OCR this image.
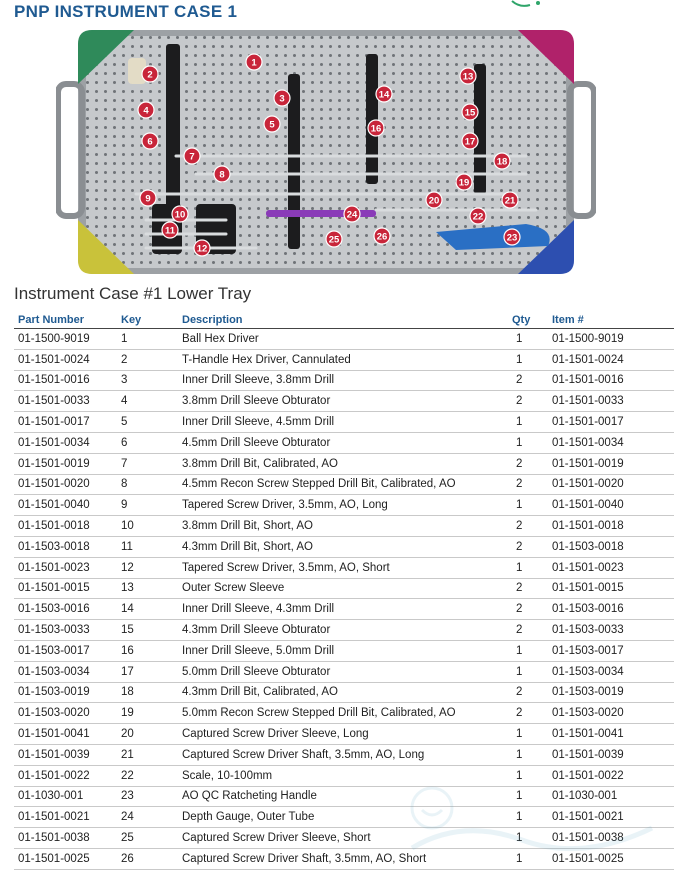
PNP INSTRUMENT CASE 1
1
2
3
4
5
6
7
8
9
10
11
12
13
14
15
16
17
18
19
20	21
22
23
24
25	26
Instrument Case #1 Lower Tray
Part Number	Key	Description	Qty	Item #
01-1500-9019	1	Ball Hex Driver	1	01-1500-9019
01-1501-0024	2	T-Handle Hex Driver, Cannulated	1	01-1501-0024
01-1501-0016	3	Inner Drill Sleeve, 3.8mm Drill	2	01-1501-0016
01-1501-0033	4	3.8mm Drill Sleeve Obturator	2	01-1501-0033
01-1501-0017	5	Inner Drill Sleeve, 4.5mm Drill	1	01-1501-0017
01-1501-0034	6	4.5mm Drill Sleeve Obturator	1	01-1501-0034
01-1501-0019	7	3.8mm Drill Bit, Calibrated, AO	2	01-1501-0019
01-1501-0020	8	4.5mm Recon Screw Stepped Drill Bit, Calibrated, AO	2	01-1501-0020
01-1501-0040	9	Tapered Screw Driver, 3.5mm, AO, Long	1	01-1501-0040
01-1501-0018	10	3.8mm Drill Bit, Short, AO	2	01-1501-0018
01-1503-0018	11	4.3mm Drill Bit, Short, AO	2	01-1503-0018
01-1501-0023	12	Tapered Screw Driver, 3.5mm, AO, Short	1	01-1501-0023
01-1501-0015	13	Outer Screw Sleeve	2	01-1501-0015
01-1503-0016	14	Inner Drill Sleeve, 4.3mm Drill	2	01-1503-0016
01-1503-0033	15	4.3mm Drill Sleeve Obturator	2	01-1503-0033
01-1503-0017	16	Inner Drill Sleeve, 5.0mm Drill	1	01-1503-0017
01-1503-0034	17	5.0mm Drill Sleeve Obturator	1	01-1503-0034
01-1503-0019	18	4.3mm Drill Bit, Calibrated, AO	2	01-1503-0019
01-1503-0020	19	5.0mm Recon Screw Stepped Drill Bit, Calibrated, AO	2	01-1503-0020
01-1501-0041	20	Captured Screw Driver Sleeve, Long	1	01-1501-0041
01-1501-0039	21	Captured Screw Driver Shaft, 3.5mm, AO, Long	1	01-1501-0039
01-1501-0022	22	Scale, 10-100mm	1	01-1501-0022
01-1030-001	23	AO QC Ratcheting Handle	1	01-1030-001
01-1501-0021	24	Depth Gauge, Outer Tube	1	01-1501-0021
01-1501-0038	25	Captured Screw Driver Sleeve, Short	1	01-1501-0038
01-1501-0025	26	Captured Screw Driver Shaft, 3.5mm, AO, Short	1	01-1501-0025
